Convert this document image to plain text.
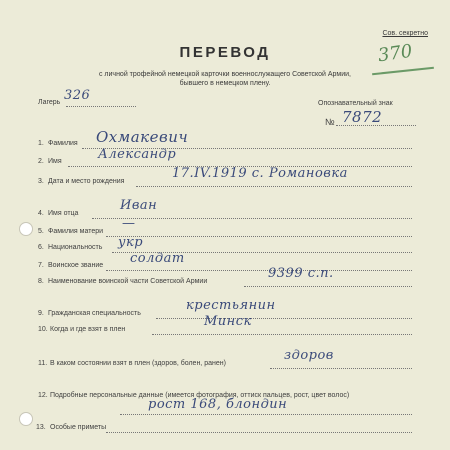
Сов. секретно
370
ПЕРЕВОД
с личной трофейной немецкой карточки военнослужащего Советской Армии,
бывшего в немецком плену.
Лагерь 326
Опознавательный знак
№ 7872
1. Фамилия Охмакевич
2. Имя	Александр
3. Дата и место рождения
17.IV.1919 с. Романовка
4. Имя отца
Иван
5. Фамилия матери
—
6. Национальность укр
7. Воинское звание солдат
8. Наименование воинской части Советской Армии
9399 с.п.
9. Гражданская специальность
крестьянин
10. Когда и где взят в плен
Минск
11. В каком состоянии взят в плен (здоров, болен, ранен)
здоров
12. Подробные персональные данные (имеется фотография, оттиск пальцев, рост, цвет волос)
рост 168, блондин
13. Особые приметы
